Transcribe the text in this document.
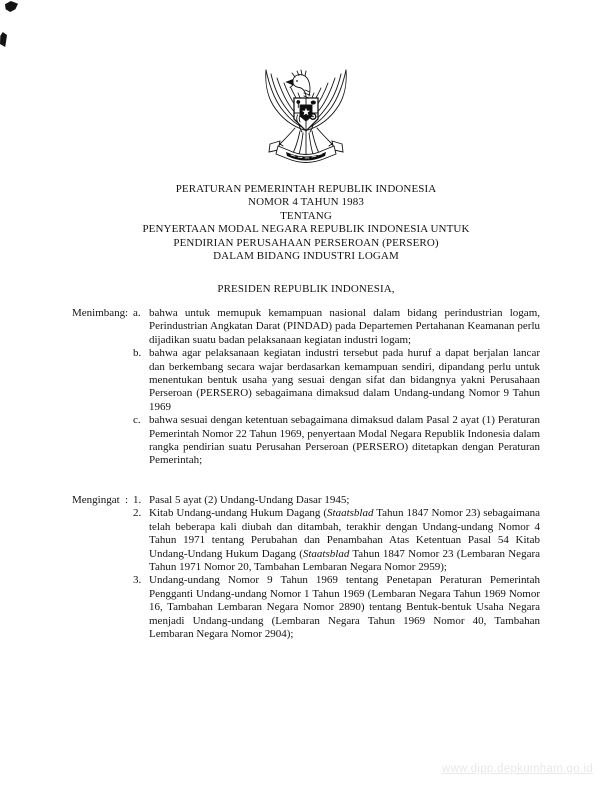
PERATURAN PEMERINTAH REPUBLIK INDONESIA
NOMOR 4 TAHUN 1983
TENTANG
PENYERTAAN MODAL NEGARA REPUBLIK INDONESIA UNTUK
PENDIRIAN PERUSAHAAN PERSEROAN (PERSERO)
DALAM BIDANG INDUSTRI LOGAM
PRESIDEN REPUBLIK INDONESIA,
Menimbang : a. bahwa untuk memupuk kemampuan nasional dalam bidang perindustrian logam, Perindustrian Angkatan Darat (PINDAD) pada Departemen Pertahanan Keamanan perlu dijadikan suatu badan pelaksanaan kegiatan industri logam;
b. bahwa agar pelaksanaan kegiatan industri tersebut pada huruf a dapat berjalan lancar dan berkembang secara wajar berdasarkan kemampuan sendiri, dipandang perlu untuk menentukan bentuk usaha yang sesuai dengan sifat dan bidangnya yakni Perusahaan Perseroan (PERSERO) sebagaimana dimaksud dalam Undang-undang Nomor 9 Tahun 1969
c. bahwa sesuai dengan ketentuan sebagaimana dimaksud dalam Pasal 2 ayat (1) Peraturan Pemerintah Nomor 22 Tahun 1969, penyertaan Modal Negara Republik Indonesia dalam rangka pendirian suatu Perusahan Perseroan (PERSERO) ditetapkan dengan Peraturan Pemerintah;
Mengingat : 1. Pasal 5 ayat (2) Undang-Undang Dasar 1945;
2. Kitab Undang-undang Hukum Dagang (Staatsblad Tahun 1847 Nomor 23) sebagaimana telah beberapa kali diubah dan ditambah, terakhir dengan Undang-undang Nomor 4 Tahun 1971 tentang Perubahan dan Penambahan Atas Ketentuan Pasal 54 Kitab Undang-Undang Hukum Dagang (Staatsblad Tahun 1847 Nomor 23 (Lembaran Negara Tahun 1971 Nomor 20, Tambahan Lembaran Negara Nomor 2959);
3. Undang-undang Nomor 9 Tahun 1969 tentang Penetapan Peraturan Pemerintah Pengganti Undang-undang Nomor 1 Tahun 1969 (Lembaran Negara Tahun 1969 Nomor 16, Tambahan Lembaran Negara Nomor 2890) tentang Bentuk-bentuk Usaha Negara menjadi Undang-undang (Lembaran Negara Tahun 1969 Nomor 40, Tambahan Lembaran Negara Nomor 2904);
www.djpp.depkumham.go.id
